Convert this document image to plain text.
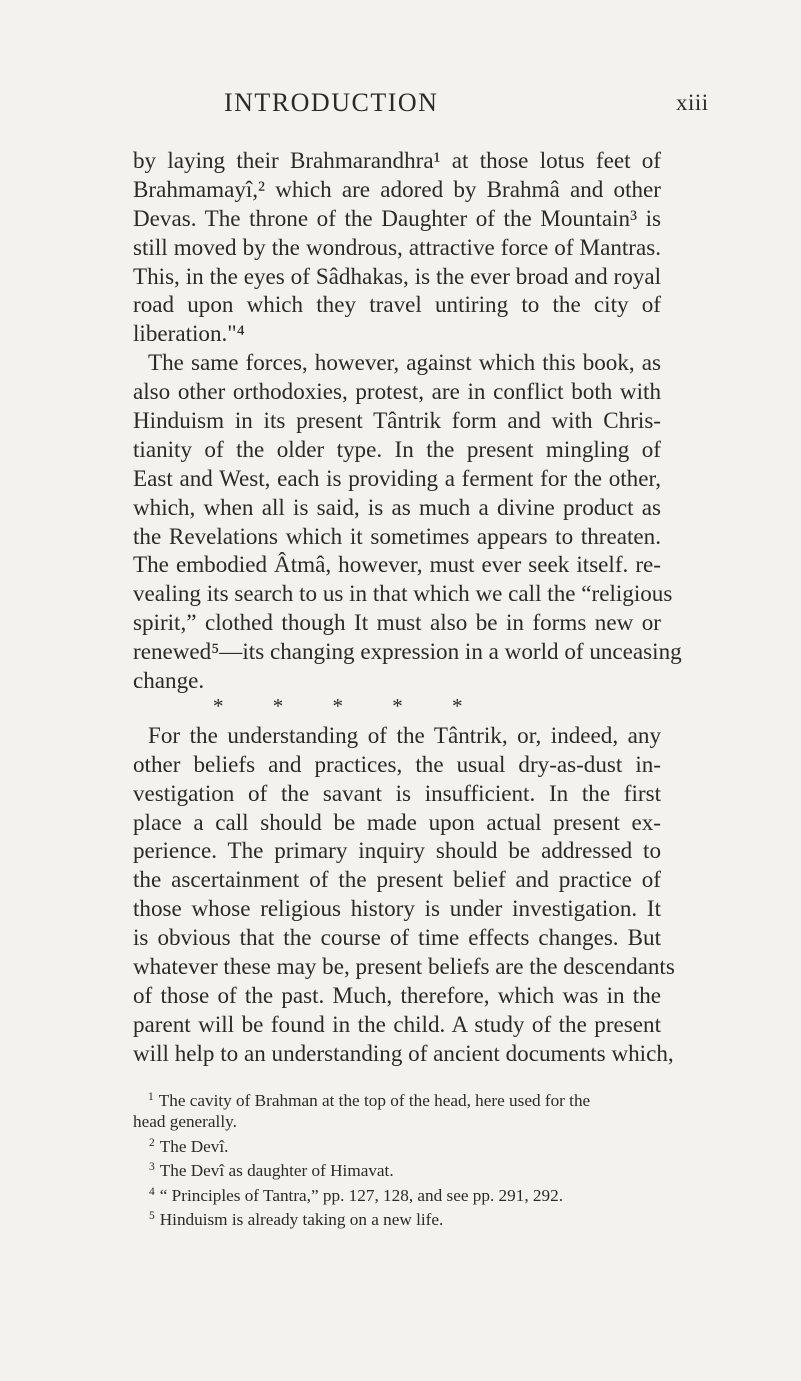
INTRODUCTION	xiii
by laying their Brahmarandhra¹ at those lotus feet of
Brahmamayî,² which are adored by Brahmâ and other
Devas. The throne of the Daughter of the Mountain³ is
still moved by the wondrous, attractive force of Mantras.
This, in the eyes of Sâdhakas, is the ever broad and royal
road upon which they travel untiring to the city of
liberation."⁴
The same forces, however, against which this book, as
also other orthodoxies, protest, are in conflict both with
Hinduism in its present Tântrik form and with Chris-
tianity of the older type. In the present mingling of
East and West, each is providing a ferment for the other,
which, when all is said, is as much a divine product as
the Revelations which it sometimes appears to threaten.
The embodied Âtmâ, however, must ever seek itself. re-
vealing its search to us in that which we call the “religious
spirit,” clothed though It must also be in forms new or
renewed⁵—its changing expression in a world of unceasing
change.
* * * * *
For the understanding of the Tântrik, or, indeed, any
other beliefs and practices, the usual dry-as-dust in-
vestigation of the savant is insufficient. In the first
place a call should be made upon actual present ex-
perience. The primary inquiry should be addressed to
the ascertainment of the present belief and practice of
those whose religious history is under investigation. It
is obvious that the course of time effects changes. But
whatever these may be, present beliefs are the descendants
of those of the past. Much, therefore, which was in the
parent will be found in the child. A study of the present
will help to an understanding of ancient documents which,
$^1$ The cavity of Brahman at the top of the head, here used for the
head generally.
$^2$ The Devî.
$^3$ The Devî as daughter of Himavat.
$^4$ “ Principles of Tantra,” pp. 127, 128, and see pp. 291, 292.
$^5$ Hinduism is already taking on a new life.
